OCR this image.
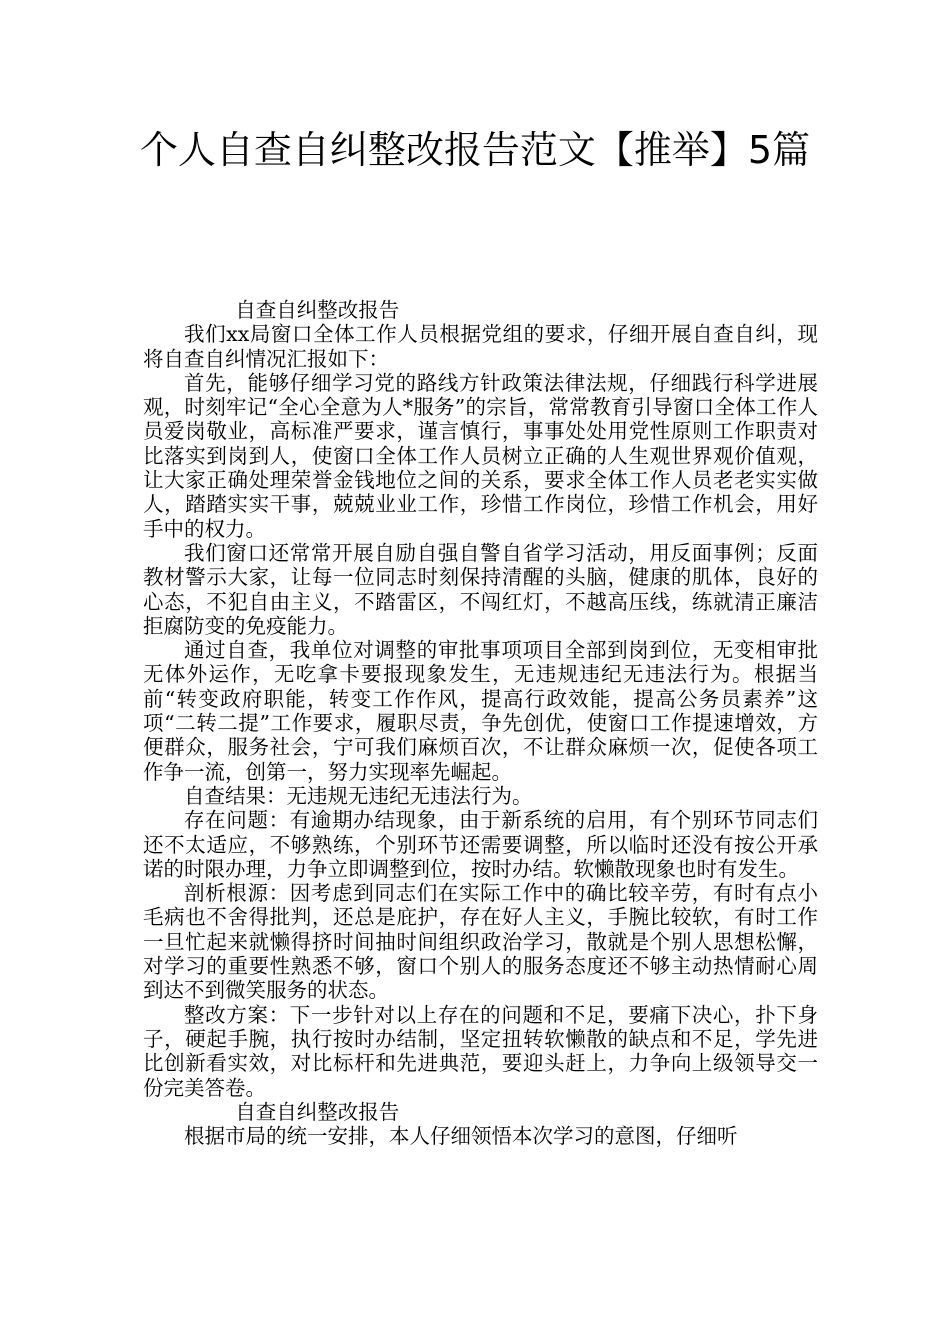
个人自查自纠整改报告范文【推举】5篇

自查自纠整改报告

我们xx局窗口全体工作人员根据党组的要求，仔细开展自查自纠，现将自查自纠情况汇报如下：

首先，能够仔细学习党的路线方针政策法律法规，仔细践行科学进展观，时刻牢记“全心全意为人*服务”的宗旨，常常教育引导窗口全体工作人员爱岗敬业，高标准严要求，谨言慎行，事事处处用党性原则工作职责对比落实到岗到人，使窗口全体工作人员树立正确的人生观世界观价值观，让大家正确处理荣誉金钱地位之间的关系，要求全体工作人员老老实实做人，踏踏实实干事，兢兢业业工作，珍惜工作岗位，珍惜工作机会，用好手中的权力。

我们窗口还常常开展自励自强自警自省学习活动，用反面事例；反面教材警示大家，让每一位同志时刻保持清醒的头脑，健康的肌体，良好的心态，不犯自由主义，不踏雷区，不闯红灯，不越高压线，练就清正廉洁拒腐防变的免疫能力。

通过自查，我单位对调整的审批事项项目全部到岗到位，无变相审批无体外运作，无吃拿卡要报现象发生，无违规违纪无违法行为。根据当前“转变政府职能，转变工作作风，提高行政效能，提高公务员素养”这项“二转二提”工作要求，履职尽责，争先创优，使窗口工作提速增效，方便群众，服务社会，宁可我们麻烦百次，不让群众麻烦一次，促使各项工作争一流，创第一，努力实现率先崛起。

自查结果：无违规无违纪无违法行为。

存在问题：有逾期办结现象，由于新系统的启用，有个别环节同志们还不太适应，不够熟练，个别环节还需要调整，所以临时还没有按公开承诺的时限办理，力争立即调整到位，按时办结。软懒散现象也时有发生。

剖析根源：因考虑到同志们在实际工作中的确比较辛劳，有时有点小毛病也不舍得批判，还总是庇护，存在好人主义，手腕比较软，有时工作一旦忙起来就懒得挤时间抽时间组织政治学习，散就是个别人思想松懈，对学习的重要性熟悉不够，窗口个别人的服务态度还不够主动热情耐心周到达不到微笑服务的状态。

整改方案：下一步针对以上存在的问题和不足，要痛下决心，扑下身子，硬起手腕，执行按时办结制，坚定扭转软懒散的缺点和不足，学先进比创新看实效，对比标杆和先进典范，要迎头赶上，力争向上级领导交一份完美答卷。

自查自纠整改报告

根据市局的统一安排，本人仔细领悟本次学习的意图，仔细听
